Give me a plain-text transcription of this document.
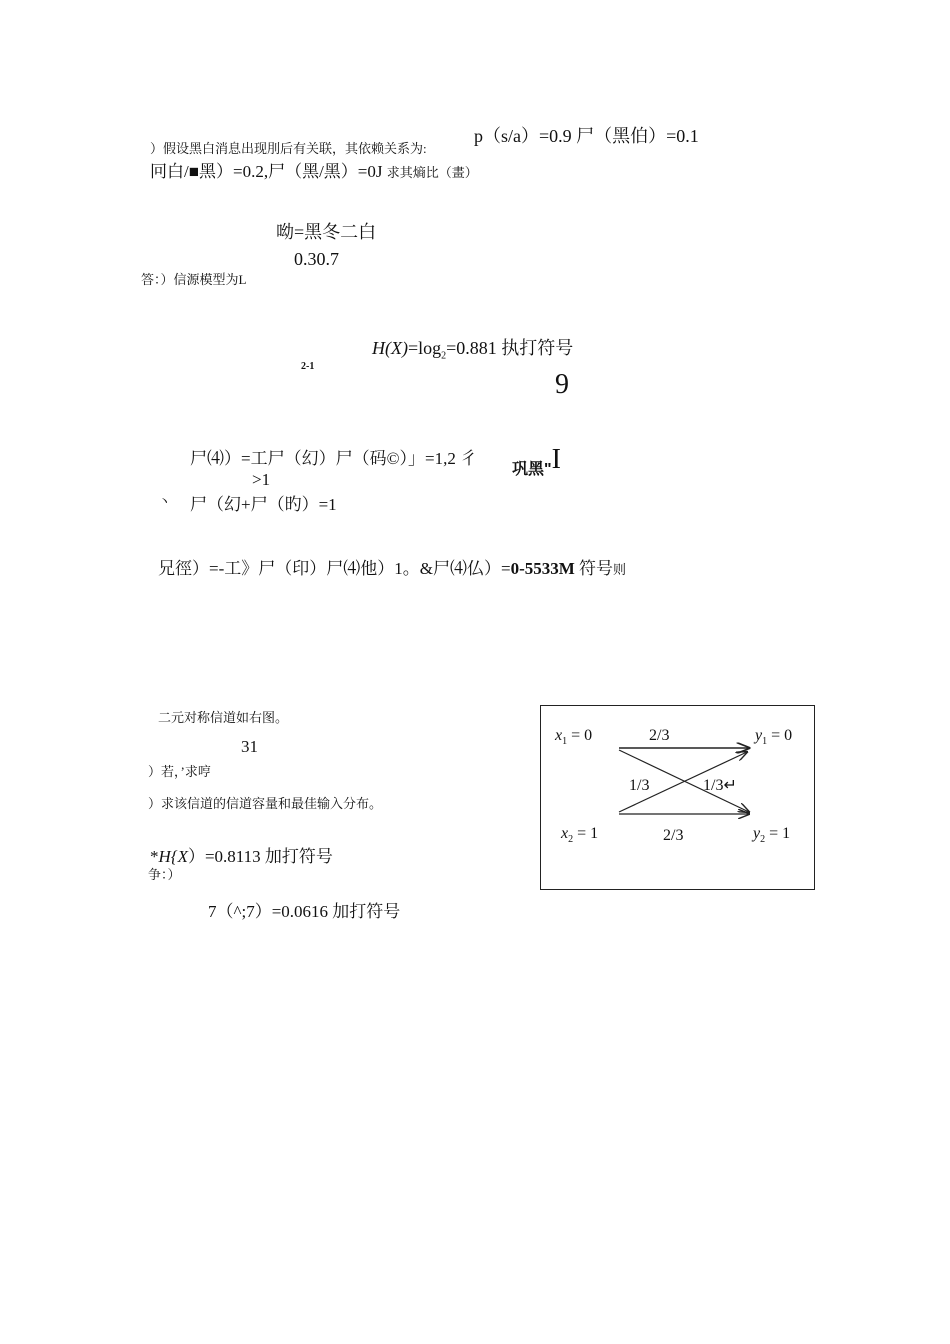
p（s/a）=0.9 尸（黑伯）=0.1
）假设黑白消息出现刖后有关联，其依赖关系为:
冋白/■黑）=0.2,尸（黑/黑）=0J 求其熵比（畫）
呦=黑冬二白
0.30.7
答：）信源模型为L
$H(X)=\log_2=0.881$ 执打符号
2-1
9
尸⑷）=工尸（幻）尸（码©）」=1,2 彳
巩黑"I
>1
丶 尸（幻+尸（旳）=1
兄徑）=-工》尸（印）尸⑷他）1。&尸⑷仏）=0-5533M 符号则
二元对称信道如右图。
31
）若，’求哼
）求该信道的信道容量和最佳输入分布。
*H{X）=0.8113 加打符号
争：）
7（^;7）=0.0616 加打符号
$x_1 = 0$
$x_2 = 1$
$y_1 = 0$
$y_2 = 1$
2/3
1/3	1/3↵
2/3
